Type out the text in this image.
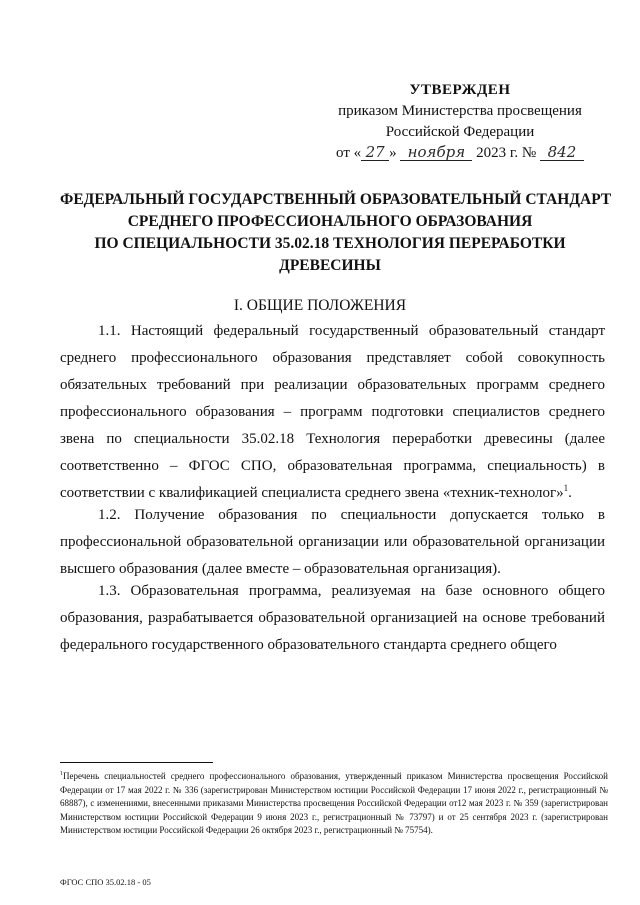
УТВЕРЖДЕН
приказом Министерства просвещения
Российской Федерации
от « 27 » ноября 2023 г. № 842
ФЕДЕРАЛЬНЫЙ ГОСУДАРСТВЕННЫЙ ОБРАЗОВАТЕЛЬНЫЙ СТАНДАРТ
СРЕДНЕГО ПРОФЕССИОНАЛЬНОГО ОБРАЗОВАНИЯ
ПО СПЕЦИАЛЬНОСТИ 35.02.18 ТЕХНОЛОГИЯ ПЕРЕРАБОТКИ
ДРЕВЕСИНЫ
I. ОБЩИЕ ПОЛОЖЕНИЯ

1.1. Настоящий федеральный государственный образовательный стандарт среднего профессионального образования представляет собой совокупность обязательных требований при реализации образовательных программ среднего профессионального образования – программ подготовки специалистов среднего звена по специальности 35.02.18 Технология переработки древесины (далее соответственно – ФГОС СПО, образовательная программа, специальность) в соответствии с квалификацией специалиста среднего звена «техник-технолог»$^1$.

1.2. Получение образования по специальности допускается только в профессиональной образовательной организации или образовательной организации высшего образования (далее вместе – образовательная организация).

1.3. Образовательная программа, реализуемая на базе основного общего образования, разрабатывается образовательной организацией на основе требований федерального государственного образовательного стандарта среднего общего

$^1$Перечень специальностей среднего профессионального образования, утвержденный приказом Министерства просвещения Российской Федерации от 17 мая 2022 г. № 336 (зарегистрирован Министерством юстиции Российской Федерации 17 июня 2022 г., регистрационный № 68887), с изменениями, внесенными приказами Министерства просвещения Российской Федерации от12 мая 2023 г. № 359 (зарегистрирован Министерством юстиции Российской Федерации 9 июня 2023 г., регистрационный № 73797) и от 25 сентября 2023 г. (зарегистрирован Министерством юстиции Российской Федерации 26 октября 2023 г., регистрационный № 75754).

ФГОС СПО 35.02.18 - 05
